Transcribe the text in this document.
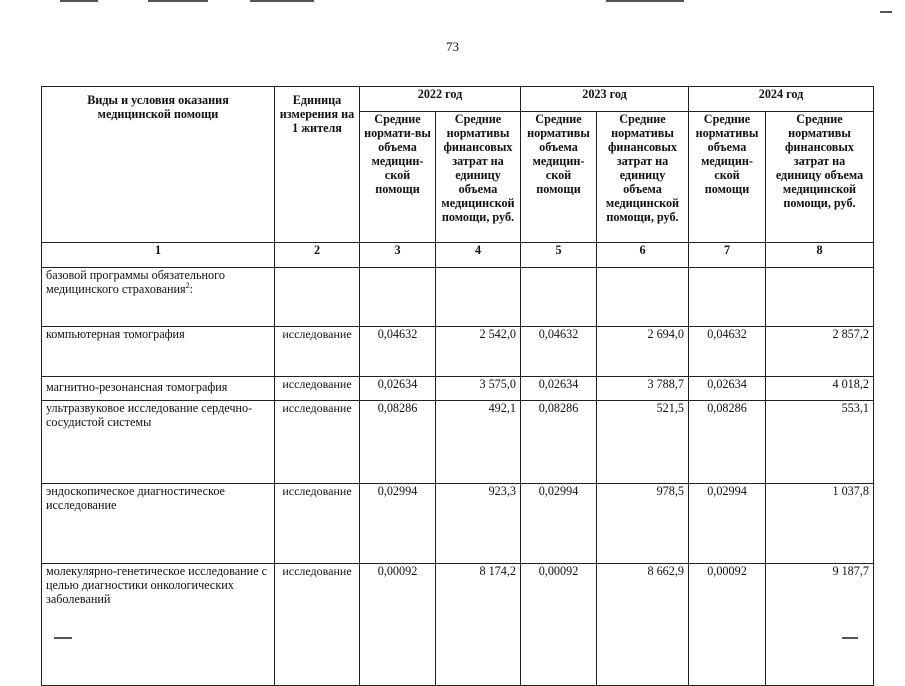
73
Виды и условия оказания медицинской помощи	Единица измерения на 1 жителя	2022 год		2023 год		2024 год	
		Средние нормати-вы объема медицин-ской помощи	Средние нормативы финансовых затрат на единицу объема медицинской помощи, руб.	Средние нормативы объема медицин-ской помощи	Средние нормативы финансовых затрат на единицу объема медицинской помощи, руб.	Средние нормативы объема медицин-ской помощи	Средние нормативы финансовых затрат на единицу объема медицинской помощи, руб.
1	2	3	4	5	6	7	8
базовой программы обязательного медицинского страхования$^2$:							
компьютерная томография	исследование	0,04632	2 542,0	0,04632	2 694,0	0,04632	2 857,2
магнитно-резонансная томография	исследование	0,02634	3 575,0	0,02634	3 788,7	0,02634	4 018,2
ультразвуковое исследование сердечно-сосудистой системы	исследование	0,08286	492,1	0,08286	521,5	0,08286	553,1
эндоскопическое диагностическое исследование	исследование	0,02994	923,3	0,02994	978,5	0,02994	1 037,8
молекулярно-генетическое исследование с целью диагностики онкологических заболеваний	исследование	0,00092	8 174,2	0,00092	8 662,9	0,00092	9 187,7
